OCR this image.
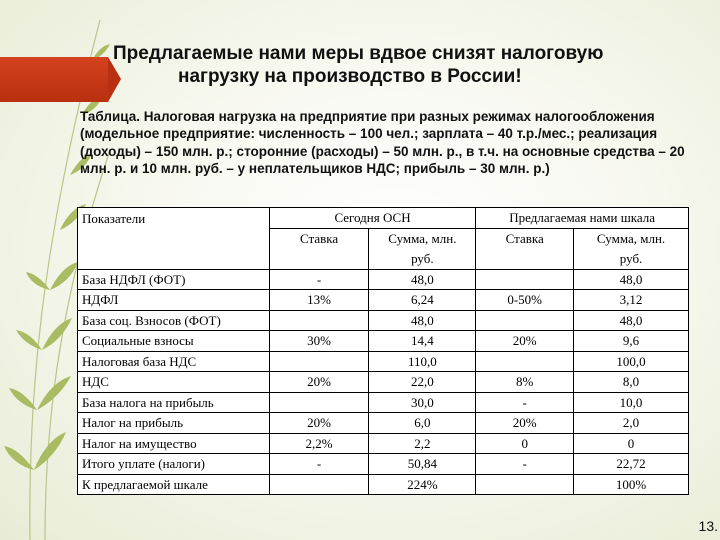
Предлагаемые нами меры вдвое снизят налоговую
нагрузку на производство в России!
Таблица. Налоговая нагрузка на предприятие при разных режимах налогообложения (модельное предприятие: численность – 100 чел.; зарплата – 40 т.р./мес.; реализация (доходы) – 150 млн. р.; сторонние (расходы) – 50 млн. р., в т.ч. на основные средства – 20 млн. р. и 10 млн. руб. – у неплательщиков НДС; прибыль – 30 млн. р.)
Показатели	Сегодня ОСН		Предлагаемая нами шкала	
	Ставка	Сумма, млн.	Ставка	Сумма, млн.
		руб.		руб.
База НДФЛ (ФОТ)	-	48,0		48,0
НДФЛ	13%	6,24	0-50%	3,12
База соц. Взносов (ФОТ)		48,0		48,0
Социальные взносы	30%	14,4	20%	9,6
Налоговая база НДС		110,0		100,0
НДС	20%	22,0	8%	8,0
База налога на прибыль		30,0	-	10,0
Налог на прибыль	20%	6,0	20%	2,0
Налог на имущество	2,2%	2,2	0	0
Итого уплате (налоги)	-	50,84	-	22,72
К предлагаемой шкале		224%		100%
13.
